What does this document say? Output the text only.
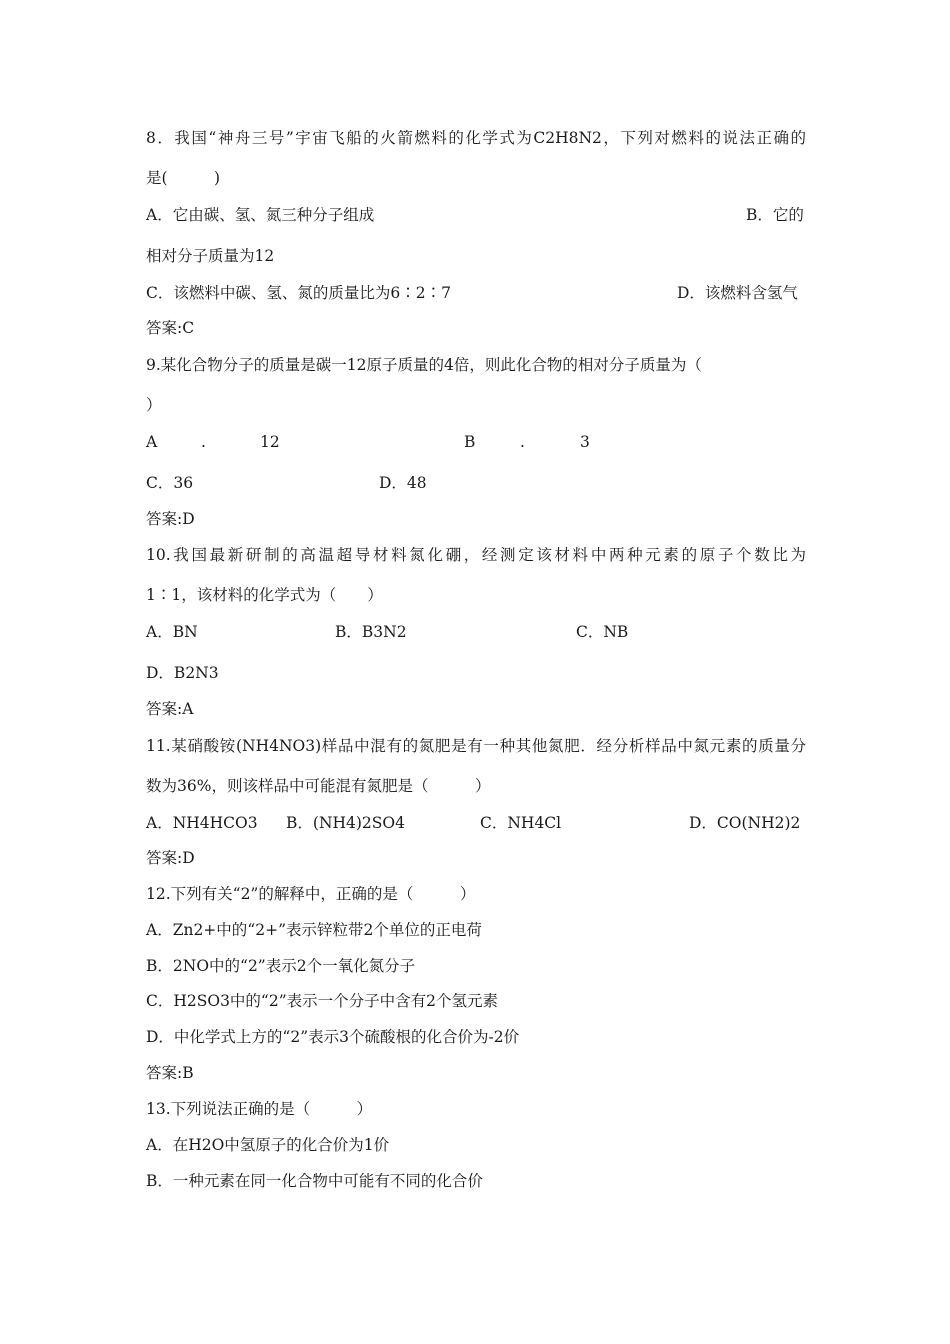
8．我国“神舟三号”宇宙飞船的火箭燃料的化学式为C2H8N2，下列对燃料的说法正确的
是(　　　)
A．它由碳、氢、氮三种分子组成	B．它的
相对分子质量为12
C．该燃料中碳、氢、氮的质量比为6∶2∶7	D．该燃料含氢气
答案:C
9.某化合物分子的质量是碳一12原子质量的4倍，则此化合物的相对分子质量为（
）
A	.	12	B	.	3
C．36	D．48
答案:D
10.我国最新研制的高温超导材料氮化硼，经测定该材料中两种元素的原子个数比为
1∶1，该材料的化学式为（　　）
A．BN	B．B3N2	C．NB
D．B2N3
答案:A
11.某硝酸铵(NH4NO3)样品中混有的氮肥是有一种其他氮肥．经分析样品中氮元素的质量分
数为36%，则该样品中可能混有氮肥是（　　　）
A．NH4HCO3 B．(NH4)2SO4	C．NH4Cl	D．CO(NH2)2
答案:D
12.下列有关“2”的解释中，正确的是（　　　）
A．Zn2+中的“2+”表示锌粒带2个单位的正电荷
B．2NO中的“2”表示2个一氧化氮分子
C．H2SO3中的“2”表示一个分子中含有2个氢元素
D．中化学式上方的“2”表示3个硫酸根的化合价为-2价
答案:B
13.下列说法正确的是（　　　）
A．在H2O中氢原子的化合价为1价
B．一种元素在同一化合物中可能有不同的化合价
